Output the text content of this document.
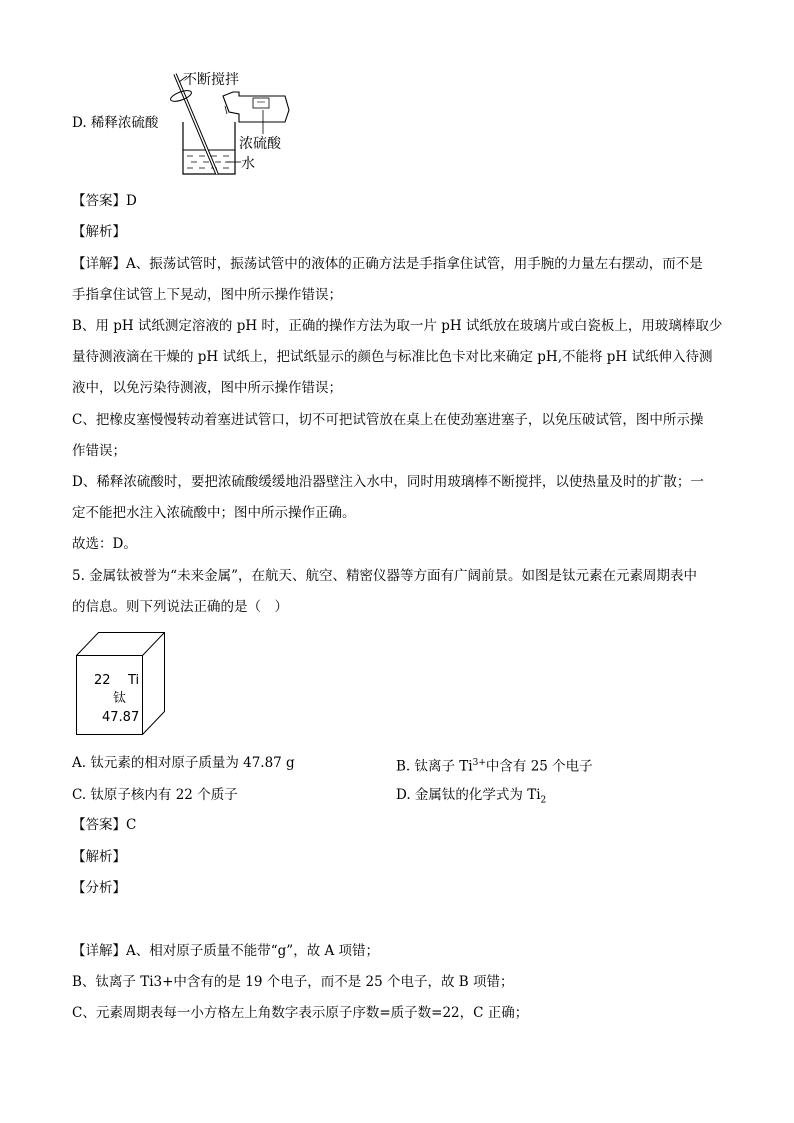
D. 稀释浓硫酸
不断搅拌
浓硫酸
水
【答案】D
【解析】
【详解】A、振荡试管时，振荡试管中的液体的正确方法是手指拿住试管，用手腕的力量左右摆动，而不是
手指拿住试管上下晃动，图中所示操作错误；
B、用 pH 试纸测定溶液的 pH 时，正确的操作方法为取一片 pH 试纸放在玻璃片或白瓷板上，用玻璃棒取少
量待测液滴在干燥的 pH 试纸上，把试纸显示的颜色与标准比色卡对比来确定 pH,不能将 pH 试纸伸入待测
液中，以免污染待测液，图中所示操作错误；
C、把橡皮塞慢慢转动着塞进试管口，切不可把试管放在桌上在使劲塞进塞子，以免压破试管，图中所示操
作错误；
D、稀释浓硫酸时，要把浓硫酸缓缓地沿器壁注入水中，同时用玻璃棒不断搅拌，以使热量及时的扩散；一
定不能把水注入浓硫酸中；图中所示操作正确。
故选：D。
5. 金属钛被誉为“未来金属”，在航天、航空、精密仪器等方面有广阔前景。如图是钛元素在元素周期表中
的信息。则下列说法正确的是（　）
22 Ti
钛
47.87
A. 钛元素的相对原子质量为 47.87 g	B. 钛离子 $Ti^{3+}$中含有 25 个电子
C. 钛原子核内有 22 个质子	D. 金属钛的化学式为 $Ti_2$
【答案】C
【解析】
【分析】
【详解】A、相对原子质量不能带“g”，故 A 项错；
B、钛离子 Ti3+中含有的是 19 个电子，而不是 25 个电子，故 B 项错；
C、元素周期表每一小方格左上角数字表示原子序数=质子数=22，C 正确；
